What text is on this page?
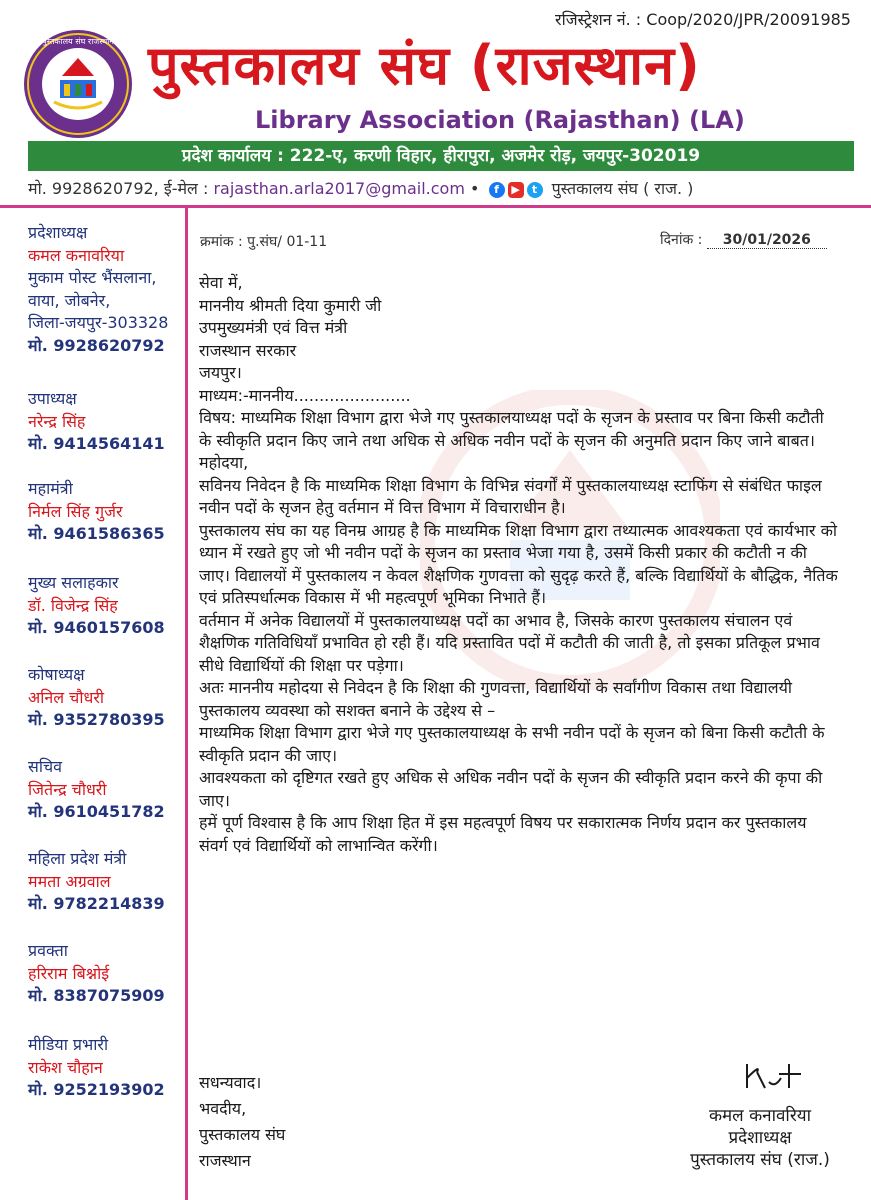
रजिस्ट्रेशन नं. : Coop/2020/JPR/20091985
पुस्तकालय संघ राजस्थान पुस्तकालय संघ (राजस्थान)
Library Association (Rajasthan) (LA)
प्रदेश कार्यालय : 222-ए, करणी विहार, हीरापुरा, अजमेर रोड़, जयपुर-302019
मो. 9928620792, ई-मेल : rajasthan.arla2017@gmail.com •	f	▶	t पुस्तकालय संघ ( राज. )
प्रदेशाध्यक्ष
कमल कनावरिया
मुकाम पोस्ट भैंसलाना,
वाया, जोबनेर,
जिला-जयपुर-303328
मो. 9928620792
उपाध्यक्ष
नरेन्द्र सिंह
मो. 9414564141
महामंत्री
निर्मल सिंह गुर्जर
मो. 9461586365
मुख्य सलाहकार
डॉ. विजेन्द्र सिंह
मो. 9460157608
कोषाध्यक्ष
अनिल चौधरी
मो. 9352780395
सचिव
जितेन्द्र चौधरी
मो. 9610451782
महिला प्रदेश मंत्री
ममता अग्रवाल
मो. 9782214839
प्रवक्ता
हरिराम बिश्नोई
मो. 8387075909
मीडिया प्रभारी
राकेश चौहान
मो. 9252193902
क्रमांक : पु.संघ/ 01-11	दिनांक : 30/01/2026

सेवा में,

माननीय श्रीमती दिया कुमारी जी

उपमुख्यमंत्री एवं वित्त मंत्री

राजस्थान सरकार

जयपुर।

माध्यम:-माननीय.......................

विषय: माध्यमिक शिक्षा विभाग द्वारा भेजे गए पुस्तकालयाध्यक्ष पदों के सृजन के प्रस्ताव पर बिना किसी कटौती के स्वीकृति प्रदान किए जाने तथा अधिक से अधिक नवीन पदों के सृजन की अनुमति प्रदान किए जाने बाबत।

महोदया,

सविनय निवेदन है कि माध्यमिक शिक्षा विभाग के विभिन्न संवर्गों में पुस्तकालयाध्यक्ष स्टाफिंग से संबंधित फाइल नवीन पदों के सृजन हेतु वर्तमान में वित्त विभाग में विचाराधीन है।

पुस्तकालय संघ का यह विनम्र आग्रह है कि माध्यमिक शिक्षा विभाग द्वारा तथ्यात्मक आवश्यकता एवं कार्यभार को ध्यान में रखते हुए जो भी नवीन पदों के सृजन का प्रस्ताव भेजा गया है, उसमें किसी प्रकार की कटौती न की जाए। विद्यालयों में पुस्तकालय न केवल शैक्षणिक गुणवत्ता को सुदृढ़ करते हैं, बल्कि विद्यार्थियों के बौद्धिक, नैतिक एवं प्रतिस्पर्धात्मक विकास में भी महत्वपूर्ण भूमिका निभाते हैं।

वर्तमान में अनेक विद्यालयों में पुस्तकालयाध्यक्ष पदों का अभाव है, जिसके कारण पुस्तकालय संचालन एवं शैक्षणिक गतिविधियाँ प्रभावित हो रही हैं। यदि प्रस्तावित पदों में कटौती की जाती है, तो इसका प्रतिकूल प्रभाव सीधे विद्यार्थियों की शिक्षा पर पड़ेगा।

अतः माननीय महोदया से निवेदन है कि शिक्षा की गुणवत्ता, विद्यार्थियों के सर्वांगीण विकास तथा विद्यालयी पुस्तकालय व्यवस्था को सशक्त बनाने के उद्देश्य से –

माध्यमिक शिक्षा विभाग द्वारा भेजे गए पुस्तकालयाध्यक्ष के सभी नवीन पदों के सृजन को बिना किसी कटौती के स्वीकृति प्रदान की जाए।

आवश्यकता को दृष्टिगत रखते हुए अधिक से अधिक नवीन पदों के सृजन की स्वीकृति प्रदान करने की कृपा की जाए।

हमें पूर्ण विश्वास है कि आप शिक्षा हित में इस महत्वपूर्ण विषय पर सकारात्मक निर्णय प्रदान कर पुस्तकालय संवर्ग एवं विद्यार्थियों को लाभान्वित करेंगी।

सधन्यवाद।
भवदीय,
पुस्तकालय संघ
राजस्थान
कमल कनावरिया
प्रदेशाध्यक्ष
पुस्तकालय संघ (राज.)
